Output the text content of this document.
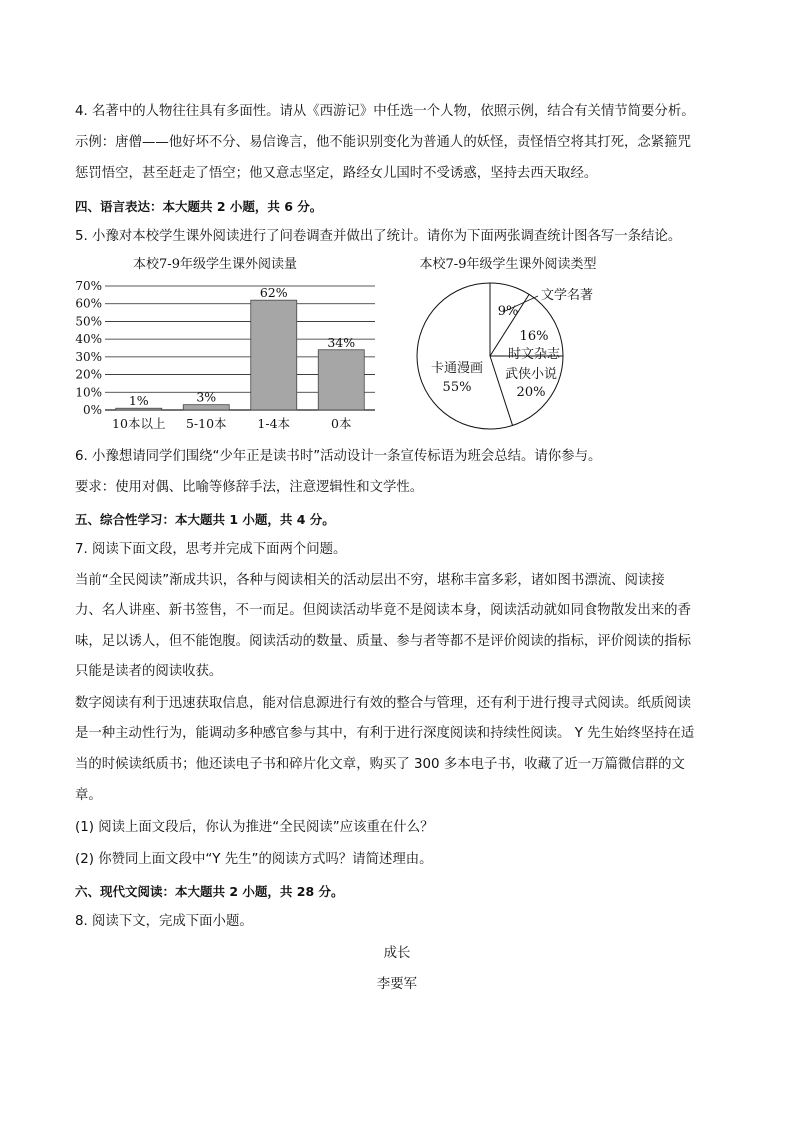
4. 名著中的人物往往具有多面性。请从《西游记》中任选一个人物，依照示例，结合有关情节简要分析。
示例：唐僧——他好坏不分、易信谗言，他不能识别变化为普通人的妖怪，责怪悟空将其打死，念紧箍咒
惩罚悟空，甚至赶走了悟空；他又意志坚定，路经女儿国时不受诱惑，坚持去西天取经。
四、语言表达：本大题共 2 小题，共 6 分。
5. 小豫对本校学生课外阅读进行了问卷调查并做出了统计。请你为下面两张调查统计图各写一条结论。
本校7-9年级学生课外阅读量
0%
10%
20%
30%
40%
50%
60%
70%
1%	3%
62%
34%
10本以上 5-10本 1-4本	0本
本校7-9年级学生课外阅读类型
文学名著
9%
16%
时文杂志
武侠小说
20%
卡通漫画
55%
6. 小豫想请同学们围绕“少年正是读书时”活动设计一条宣传标语为班会总结。请你参与。
要求：使用对偶、比喻等修辞手法，注意逻辑性和文学性。
五、综合性学习：本大题共 1 小题，共 4 分。
7. 阅读下面文段，思考并完成下面两个问题。
当前“全民阅读”渐成共识，各种与阅读相关的活动层出不穷，堪称丰富多彩，诸如图书漂流、阅读接
力、名人讲座、新书签售，不一而足。但阅读活动毕竟不是阅读本身，阅读活动就如同食物散发出来的香
味，足以诱人，但不能饱腹。阅读活动的数量、质量、参与者等都不是评价阅读的指标，评价阅读的指标
只能是读者的阅读收获。
数字阅读有利于迅速获取信息，能对信息源进行有效的整合与管理，还有利于进行搜寻式阅读。纸质阅读
是一种主动性行为，能调动多种感官参与其中，有利于进行深度阅读和持续性阅读。 Y 先生始终坚持在适
当的时候读纸质书；他还读电子书和碎片化文章，购买了 300 多本电子书，收藏了近一万篇微信群的文
章。
(1) 阅读上面文段后，你认为推进“全民阅读”应该重在什么？
(2) 你赞同上面文段中“Y 先生”的阅读方式吗？请简述理由。
六、现代文阅读：本大题共 2 小题，共 28 分。
8. 阅读下文，完成下面小题。
成长
李要军
